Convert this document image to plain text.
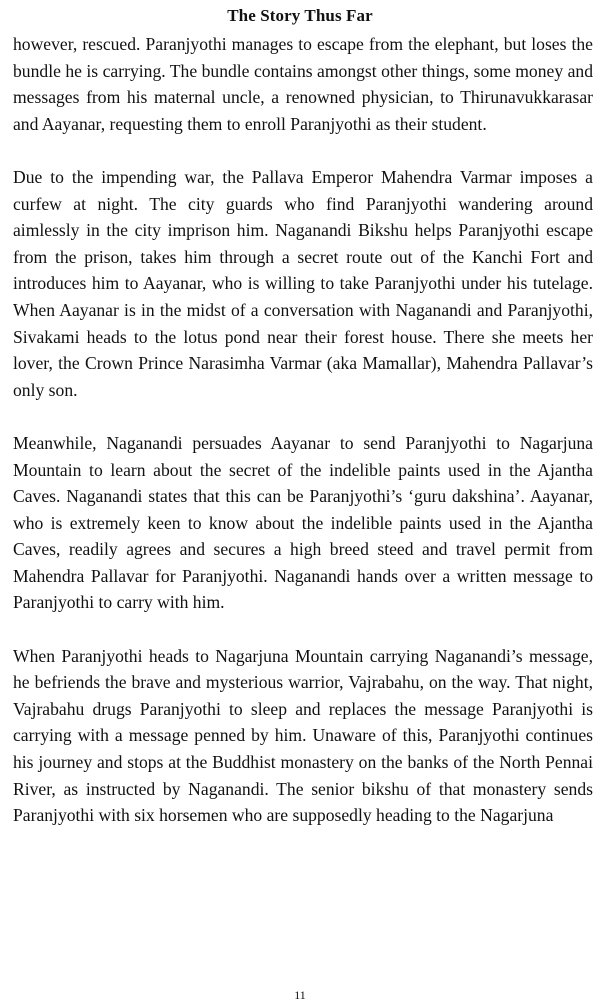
The Story Thus Far

however, rescued. Paranjyothi manages to escape from the elephant, but loses the bundle he is carrying. The bundle contains amongst other things, some money and messages from his maternal uncle, a renowned physician, to Thirunavukkarasar and Aayanar, requesting them to enroll Paranjyothi as their student.

Due to the impending war, the Pallava Emperor Mahendra Varmar imposes a curfew at night. The city guards who find Paranjyothi wandering around aimlessly in the city imprison him. Naganandi Bikshu helps Paranjyothi escape from the prison, takes him through a secret route out of the Kanchi Fort and introduces him to Aayanar, who is willing to take Paranjyothi under his tutelage. When Aayanar is in the midst of a conversation with Naganandi and Paranjyothi, Sivakami heads to the lotus pond near their forest house. There she meets her lover, the Crown Prince Narasimha Varmar (aka Mamallar), Mahendra Pallavar’s only son.

Meanwhile, Naganandi persuades Aayanar to send Paranjyothi to Nagarjuna Mountain to learn about the secret of the indelible paints used in the Ajantha Caves. Naganandi states that this can be Paranjyothi’s ‘guru dakshina’. Aayanar, who is extremely keen to know about the indelible paints used in the Ajantha Caves, readily agrees and secures a high breed steed and travel permit from Mahendra Pallavar for Paranjyothi. Naganandi hands over a written message to Paranjyothi to carry with him.

When Paranjyothi heads to Nagarjuna Mountain carrying Naganandi’s message, he befriends the brave and mysterious warrior, Vajrabahu, on the way. That night, Vajrabahu drugs Paranjyothi to sleep and replaces the message Paranjyothi is carrying with a message penned by him. Unaware of this, Paranjyothi continues his journey and stops at the Buddhist monastery on the banks of the North Pennai River, as instructed by Naganandi. The senior bikshu of that monastery sends Paranjyothi with six horsemen who are supposedly heading to the Nagarjuna

11
